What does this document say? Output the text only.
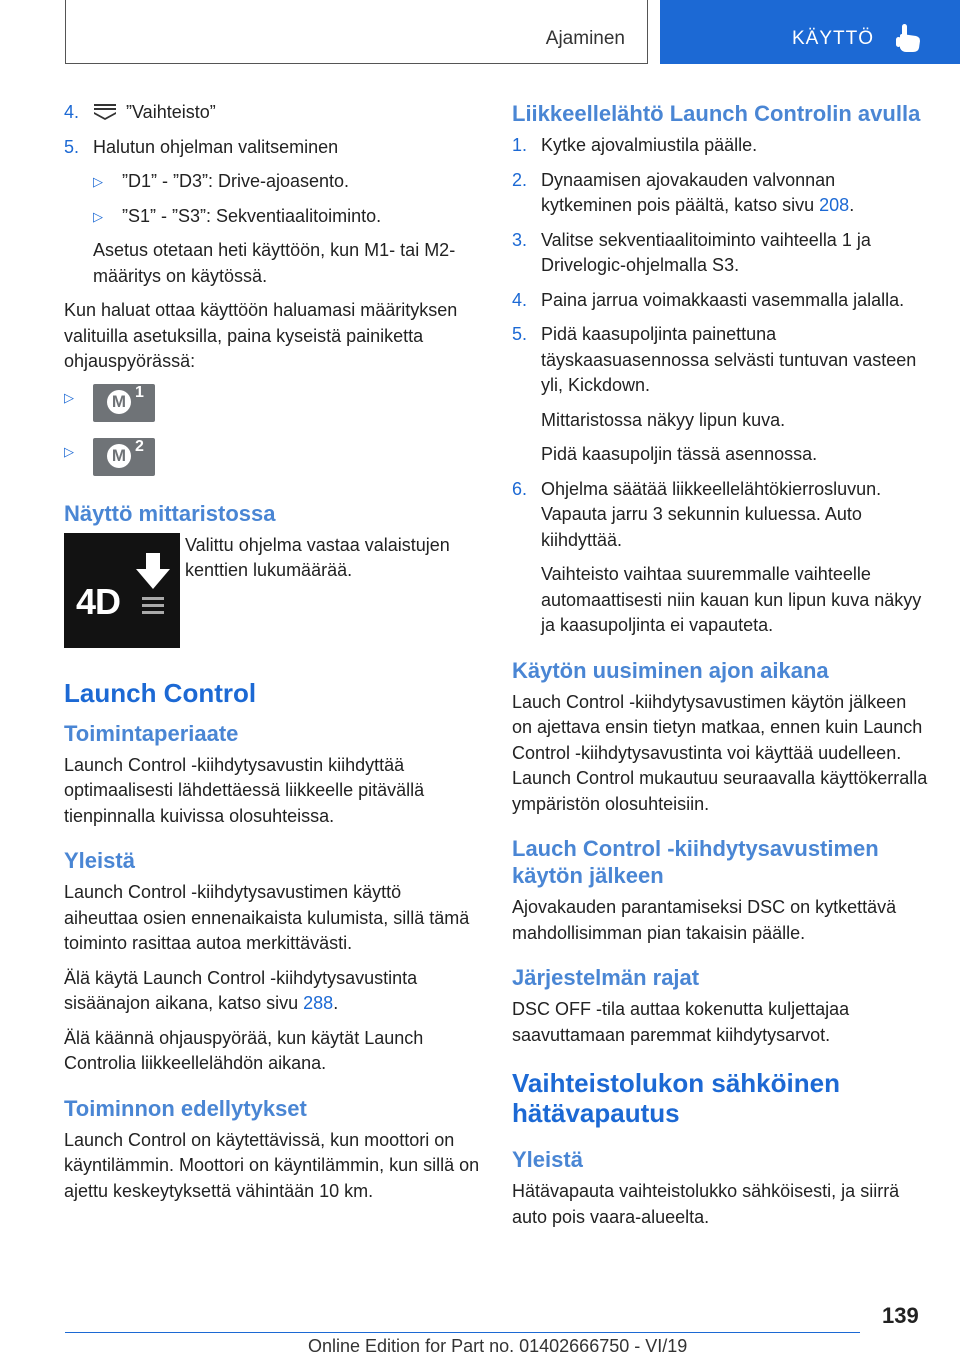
Ajaminen	KÄYTTÖ
4.	”Vaihteisto”
5. Halutun ohjelman valitseminen
▷ ”D1” - ”D3”: Drive-ajoasento.
▷ ”S1” - ”S3”: Sekventiaalitoiminto.

Asetus otetaan heti käyttöön, kun M1- tai M2-määritys on käytössä.

Kun haluat ottaa käyttöön haluamasi määrityksen valituilla asetuksilla, paina kyseistä painiketta ohjauspyörässä:

▷ M 1
▷ M 2
Näyttö mittaristossa
4D
Valittu ohjelma vastaa valaistujen kenttien lukumäärää.
Launch Control
Toimintaperiaate

Launch Control -kiihdytysavustin kiihdyttää optimaalisesti lähdettäessä liikkeelle pitävällä tienpinnalla kuivissa olosuhteissa.

Yleistä

Launch Control -kiihdytysavustimen käyttö aiheuttaa osien ennenaikaista kulumista, sillä tämä toiminto rasittaa autoa merkittävästi.

Älä käytä Launch Control -kiihdytysavustinta sisäänajon aikana, katso sivu 288.

Älä käännä ohjauspyörää, kun käytät Launch Controlia liikkeellelähdön aikana.

Toiminnon edellytykset

Launch Control on käytettävissä, kun moottori on käyntilämmin. Moottori on käyntilämmin, kun sillä on ajettu keskeytyksettä vähintään 10 km.

Liikkeellelähtö Launch Controlin avulla
1. Kytke ajovalmiustila päälle.
2. Dynaamisen ajovakauden valvonnan kytkeminen pois päältä, katso sivu 208.
3. Valitse sekventiaalitoiminto vaihteella 1 ja Drivelogic-ohjelmalla S3.
4. Paina jarrua voimakkaasti vasemmalla jalalla.
5. Pidä kaasupoljinta painettuna täyskaasuasennossa selvästi tuntuvan vasteen yli, Kickdown.

Mittaristossa näkyy lipun kuva.

Pidä kaasupoljin tässä asennossa.

6. Ohjelma säätää liikkeellelähtökierrosluvun. Vapauta jarru 3 sekunnin kuluessa. Auto kiihdyttää.

Vaihteisto vaihtaa suuremmalle vaihteelle automaattisesti niin kauan kun lipun kuva näkyy ja kaasupoljinta ei vapauteta.

Käytön uusiminen ajon aikana

Lauch Control -kiihdytysavustimen käytön jälkeen on ajettava ensin tietyn matkaa, ennen kuin Launch Control -kiihdytysavustinta voi käyttää uudelleen. Launch Control mukautuu seuraavalla käyttökerralla ympäristön olosuhteisiin.

Lauch Control -kiihdytysavustimen käytön jälkeen

Ajovakauden parantamiseksi DSC on kytkettävä mahdollisimman pian takaisin päälle.

Järjestelmän rajat

DSC OFF -tila auttaa kokenutta kuljettajaa saavuttamaan paremmat kiihdytysarvot.

Vaihteistolukon sähköinen hätävapautus
Yleistä

Hätävapauta vaihteistolukko sähköisesti, ja siirrä auto pois vaara-alueelta.

139
Online Edition for Part no. 01402666750 - VI/19
